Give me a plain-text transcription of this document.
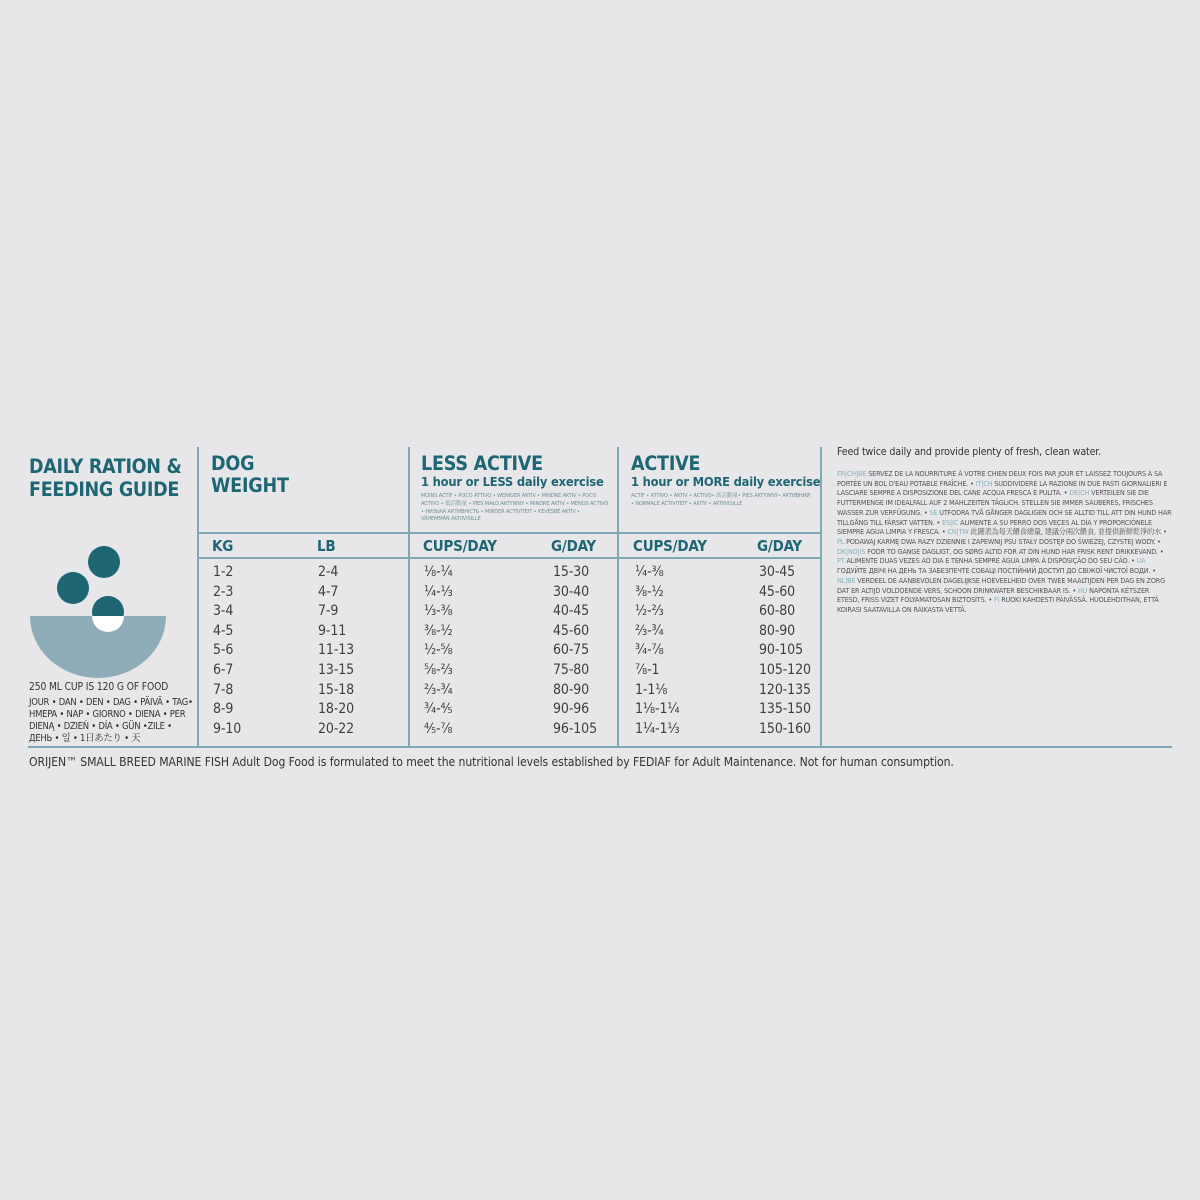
DAILY RATION &
FEEDING GUIDE
250 ML CUP IS 120 G OF FOOD
JOUR • DAN • DEN • DAG • PÄIVÄ • TAG• HMEPA • NAP • GIORNO • DIENA • PER DIENĄ • DZIEŃ • DÍA • GÜN •ZILE • ДЕНЬ • 일 • 1日あたり • 天
DOG
WEIGHT
LESS ACTIVE
1 hour or LESS daily exercise
MOINS ACTIF • POCO ATTIVO • WENIGER AKTIV • MINDRE AKTIV • POCO ACTIVO • 低活動量 • PIES MAŁO AKTYWNY • MINDRE AKTIV • MENOS ACTIVO • НИЗЬКА АКТИВНІСТЬ • MINDER ACTIVITEIT • KEVÉSBÉ AKTÍV • VÄHEMMÄN AKTIIVISILLE
ACTIVE
1 hour or MORE daily exercise
ACTIF • ATTIVO • AKTIV • ACTIVO• 高活動量• PIES AKTYWNY• АКТИВНИЙ • NORMALE ACTIVITEIT • AKTÍV • AKTIIVISILLE
KG	LB	CUPS/DAY	G/DAY CUPS/DAY	G/DAY
1-2	2-4	⅛-¼	15-30	¼-⅜	30-45
2-3	4-7	¼-⅓	30-40	⅜-½	45-60
3-4	7-9	⅓-⅜	40-45	½-⅔	60-80
4-5	9-11	⅜-½	45-60	⅔-¾	80-90
5-6	11-13	½-⅝	60-75	¾-⅞	90-105
6-7	13-15	⅝-⅔	75-80	⅞-1	105-120
7-8	15-18	⅔-¾	80-90	1-1⅛	120-135
8-9	18-20	¾-⁴⁄₅	90-96	1⅛-1¼	135-150
9-10	20-22	⁴⁄₅-⅞	96-105	1¼-1⅓	150-160
Feed twice daily and provide plenty of fresh, clean water.
FR|CH|BE SERVEZ DE LA NOURRITURE À VOTRE CHIEN DEUX FOIS PAR JOUR ET LAISSEZ TOUJOURS À SA PORTÉE UN BOL D'EAU POTABLE FRAÎCHE. • IT|CH SUDDIVIDERE LA RAZIONE IN DUE PASTI GIORNALIERI E LASCIARE SEMPRE A DISPOSIZIONE DEL CANE ACQUA FRESCA E PULITA. • DE|CH VERTEILEN SIE DIE FUTTERMENGE IM IDEALFALL AUF 2 MAHLZEITEN TÄGLICH. STELLEN SIE IMMER SAUBERES, FRISCHES WASSER ZUR VERFÜGUNG. • SE UTFODRA TVÅ GÅNGER DAGLIGEN OCH SE ALLTID TILL ATT DIN HUND HAR TILLGÅNG TILL FÄRSKT VATTEN. • ES|IC ALIMENTE A SU PERRO DOS VECES AL DÍA Y PROPORCIÓNELE SIEMPRE AGUA LIMPIA Y FRESCA. • CN|TW 此圖表為每天餵食總量, 建議分兩次餵食, 並提供新鮮乾淨的水 • PL PODAWAJ KARMĘ DWA RAZY DZIENNIE I ZAPEWNIJ PSU STAŁY DOSTĘP DO ŚWIEŻEJ, CZYSTEJ WODY. • DK|NO|IS FODR TO GANGE DAGLIGT, OG SØRG ALTID FOR AT DIN HUND HAR FRISK RENT DRIKKEVAND. • PT ALIMENTE DUAS VEZES AO DIA E TENHA SEMPRE ÁGUA LIMPA À DISPOSIÇÃO DO SEU CÃO. • UA ГОДУЙТЕ ДВІЧІ НА ДЕНЬ ТА ЗАБЕЗПЕЧТЕ СОБАЦІ ПОСТІЙНИЙ ДОСТУП ДО СВІЖОЇ ЧИСТОЇ ВОДИ. • NL|BE VERDEEL DE AANBEVOLEN DAGELIJKSE HOEVEELHEID OVER TWEE MAALTIJDEN PER DAG EN ZORG DAT ER ALTIJD VOLDOENDE VERS, SCHOON DRINKWATER BESCHIKBAAR IS. • HU NAPONTA KÉTSZER ETESD, FRISS VIZET FOLYAMATOSAN BIZTOSÍTS. • FI RUOKI KAHDESTI PÄIVÄSSÄ. HUOLEHDITHAN, ETTÄ KOIRASI SAATAVILLA ON RAIKASTA VETTÄ.
ORIJEN™ SMALL BREED MARINE FISH Adult Dog Food is formulated to meet the nutritional levels established by FEDIAF for Adult Maintenance. Not for human consumption.
